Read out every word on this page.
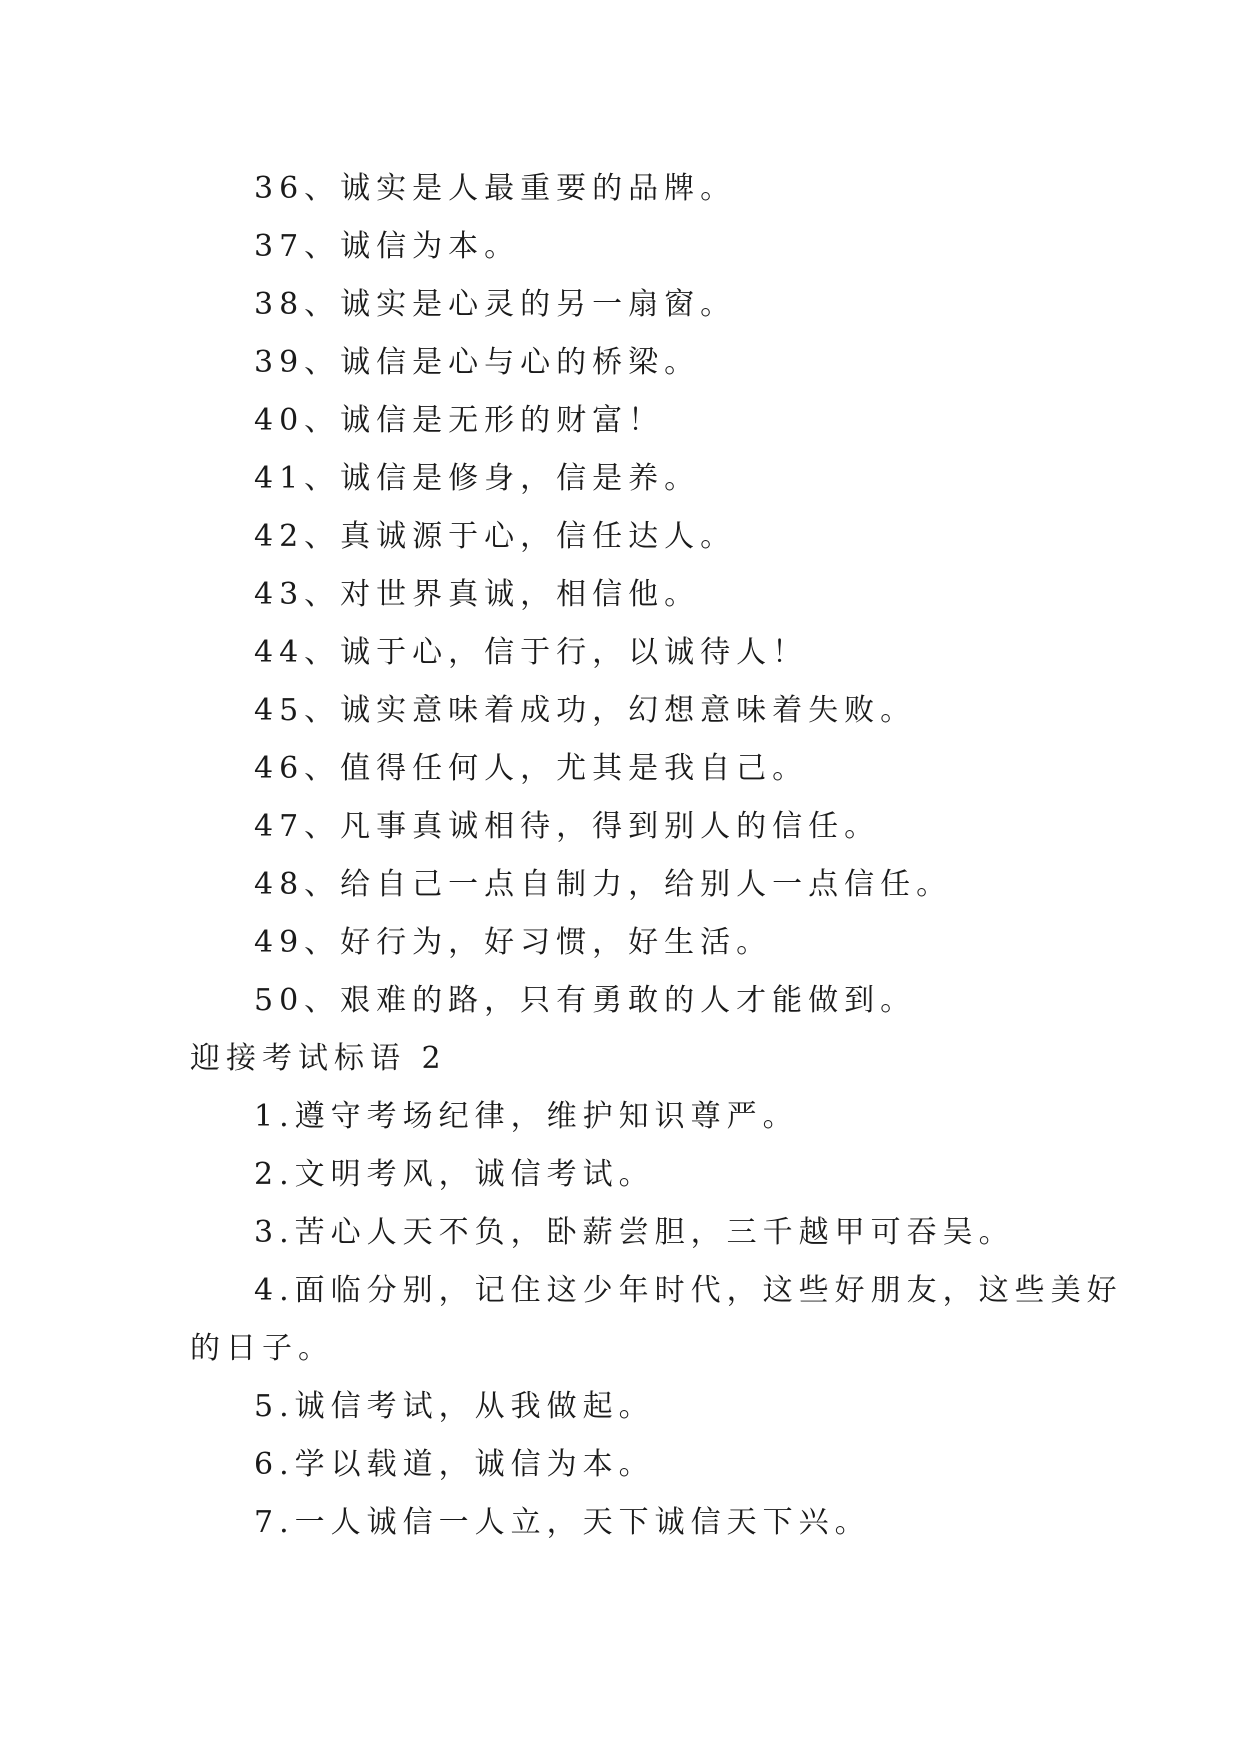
36、诚实是人最重要的品牌。
37、诚信为本。
38、诚实是心灵的另一扇窗。
39、诚信是心与心的桥梁。
40、诚信是无形的财富！
41、诚信是修身，信是养。
42、真诚源于心，信任达人。
43、对世界真诚，相信他。
44、诚于心，信于行，以诚待人！
45、诚实意味着成功，幻想意味着失败。
46、值得任何人，尤其是我自己。
47、凡事真诚相待，得到别人的信任。
48、给自己一点自制力，给别人一点信任。
49、好行为，好习惯，好生活。
50、艰难的路，只有勇敢的人才能做到。
迎接考试标语 2
1.遵守考场纪律，维护知识尊严。
2.文明考风，诚信考试。
3.苦心人天不负，卧薪尝胆，三千越甲可吞吴。
4.面临分别，记住这少年时代，这些好朋友，这些美好
的日子。
5.诚信考试，从我做起。
6.学以载道，诚信为本。
7.一人诚信一人立，天下诚信天下兴。
